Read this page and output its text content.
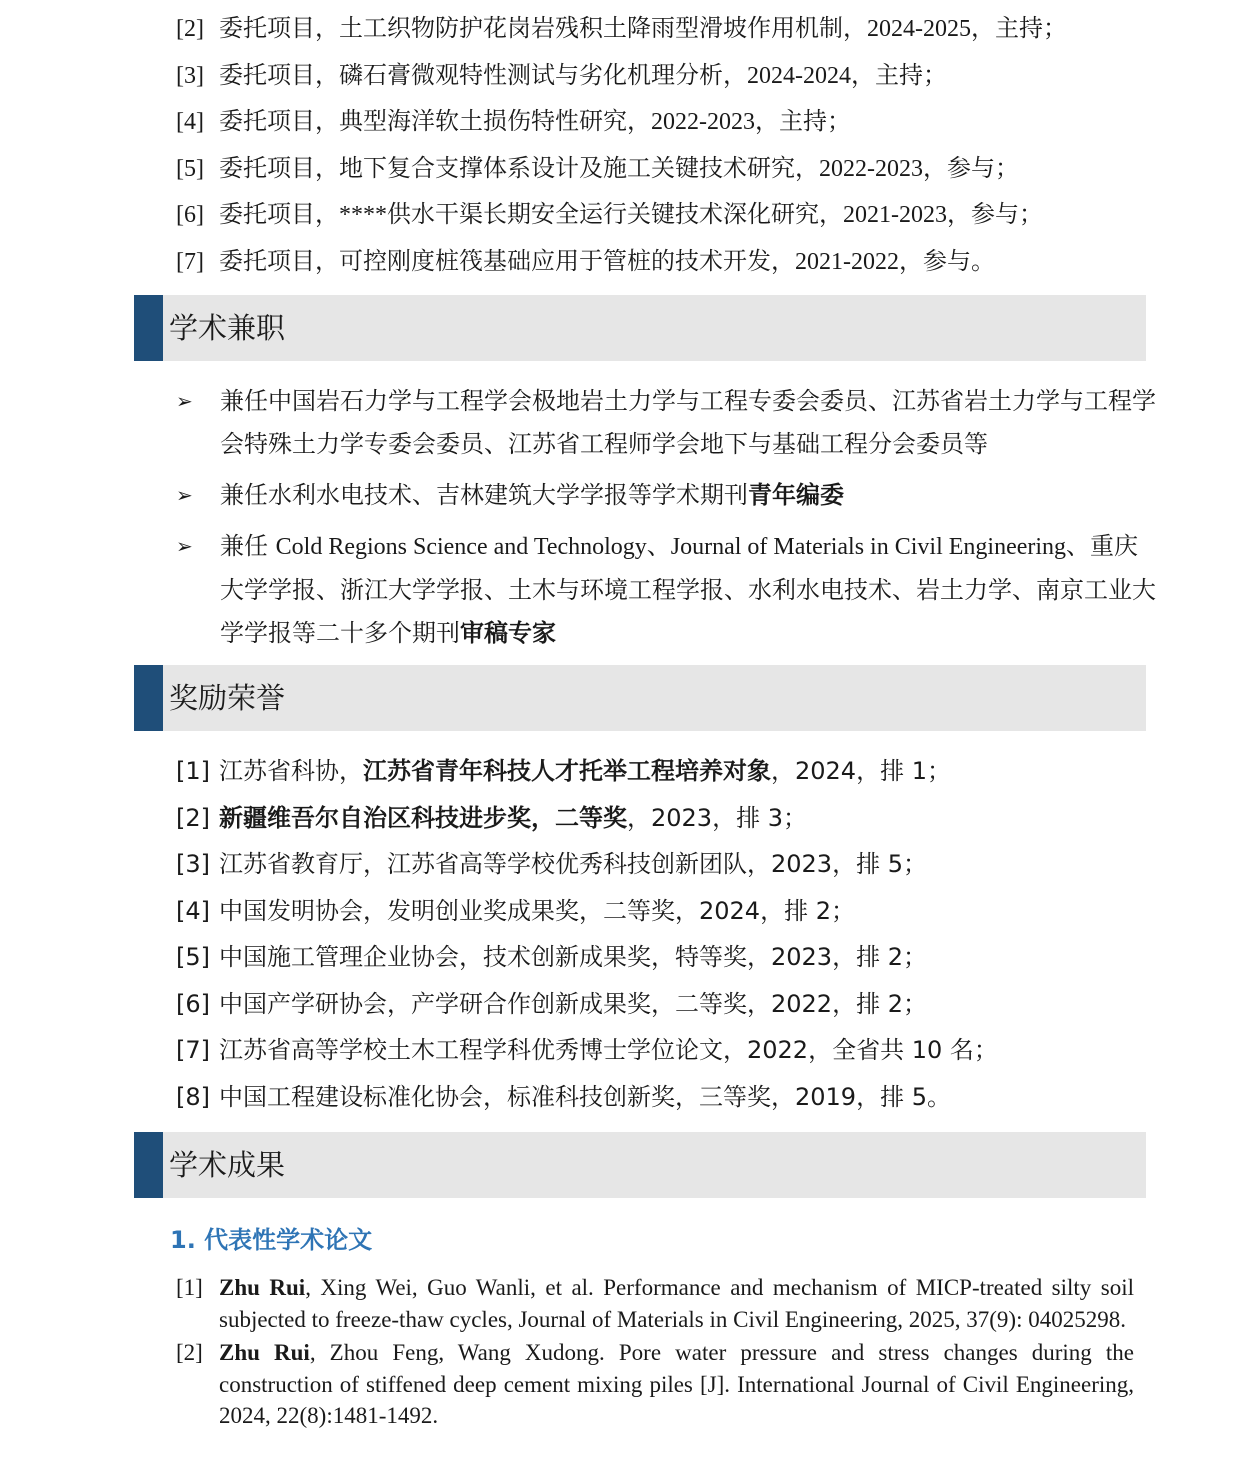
[2] 委托项目，土工织物防护花岗岩残积土降雨型滑坡作用机制，2024-2025，主持；
[3] 委托项目，磷石膏微观特性测试与劣化机理分析，2024-2024，主持；
[4] 委托项目，典型海洋软土损伤特性研究，2022-2023，主持；
[5] 委托项目，地下复合支撑体系设计及施工关键技术研究，2022-2023，参与；
[6] 委托项目，****供水干渠长期安全运行关键技术深化研究，2021-2023，参与；
[7] 委托项目，可控刚度桩筏基础应用于管桩的技术开发，2021-2022，参与。
学术兼职
➢ 兼任中国岩石力学与工程学会极地岩土力学与工程专委会委员、江苏省岩土力学与工程学会特殊土力学专委会委员、江苏省工程师学会地下与基础工程分会委员等
➢ 兼任水利水电技术、吉林建筑大学学报等学术期刊青年编委
➢ 兼任 Cold Regions Science and Technology、Journal of Materials in Civil Engineering、重庆大学学报、浙江大学学报、土木与环境工程学报、水利水电技术、岩土力学、南京工业大学学报等二十多个期刊审稿专家
奖励荣誉
[1] 江苏省科协，江苏省青年科技人才托举工程培养对象，2024，排 1；
[2] 新疆维吾尔自治区科技进步奖，二等奖，2023，排 3；
[3] 江苏省教育厅，江苏省高等学校优秀科技创新团队，2023，排 5；
[4] 中国发明协会，发明创业奖成果奖，二等奖，2024，排 2；
[5] 中国施工管理企业协会，技术创新成果奖，特等奖，2023，排 2；
[6] 中国产学研协会，产学研合作创新成果奖，二等奖，2022，排 2；
[7] 江苏省高等学校土木工程学科优秀博士学位论文，2022，全省共 10 名；
[8] 中国工程建设标准化协会，标准科技创新奖，三等奖，2019，排 5。
学术成果
1. 代表性学术论文
[1] Zhu Rui, Xing Wei, Guo Wanli, et al. Performance and mechanism of MICP-treated silty soil subjected to freeze-thaw cycles, Journal of Materials in Civil Engineering, 2025, 37(9): 04025298.
[2] Zhu Rui, Zhou Feng, Wang Xudong. Pore water pressure and stress changes during the construction of stiffened deep cement mixing piles [J]. International Journal of Civil Engineering, 2024, 22(8):1481-1492.
